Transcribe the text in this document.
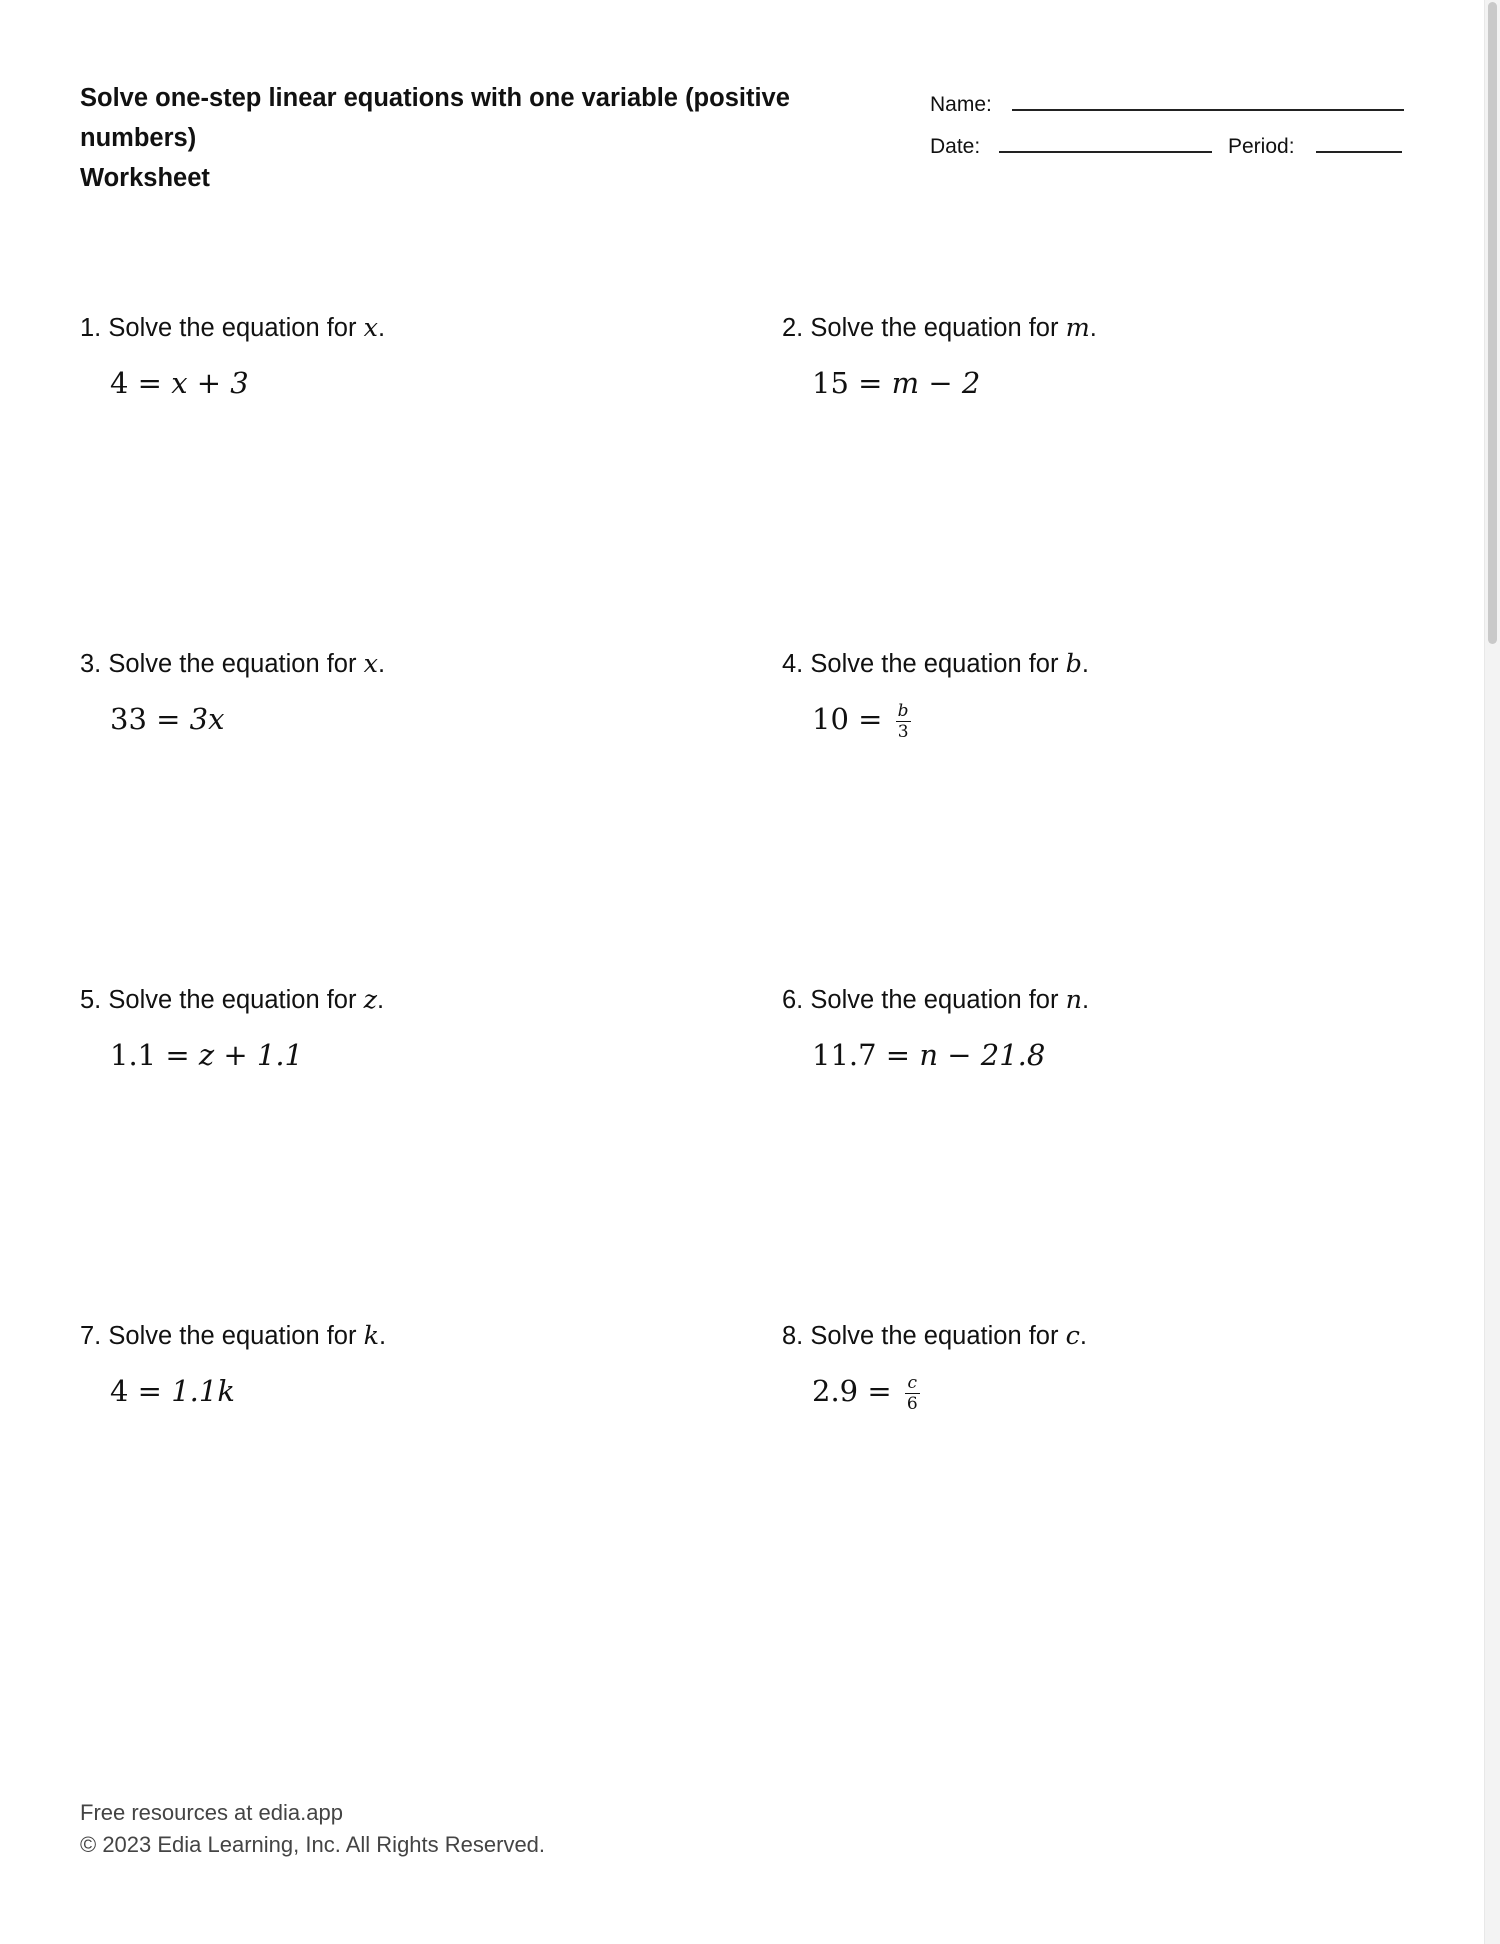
Solve one-step linear equations with one variable (positive
numbers)
Worksheet
Name:
Date:	Period:
1. Solve the equation for x.
4 = x + 3
2. Solve the equation for m.
15 = m − 2
3. Solve the equation for x.
33 = 3x
4. Solve the equation for b.
$10 = \frac{b}{3}$
5. Solve the equation for z.
1.1 = z + 1.1
6. Solve the equation for n.
11.7 = n − 21.8
7. Solve the equation for k.
4 = 1.1k
8. Solve the equation for c.
$2.9 = \frac{c}{6}$
Free resources at edia.app
© 2023 Edia Learning, Inc. All Rights Reserved.
